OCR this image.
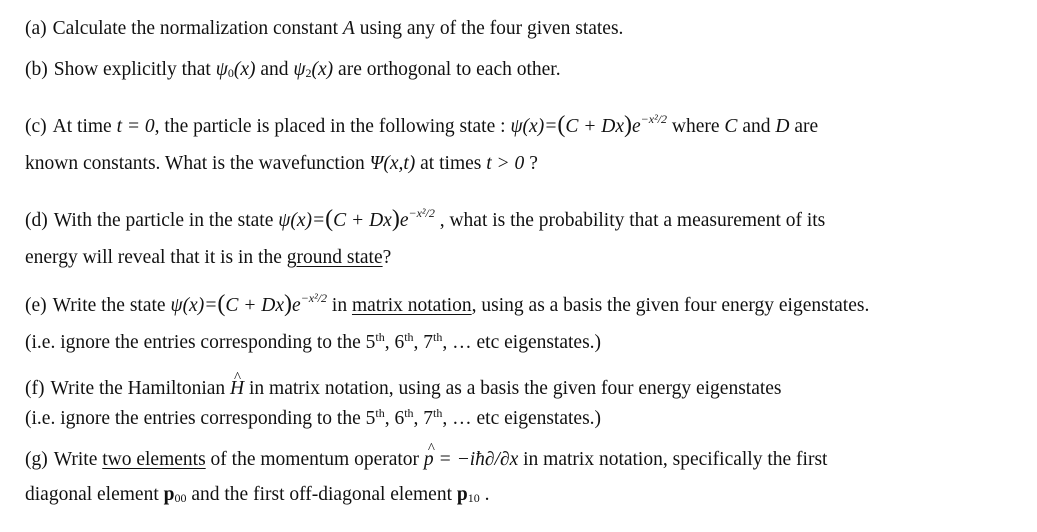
(a) Calculate the normalization constant A using any of the four given states.
(b) Show explicitly that $\psi_0(x)$ and $\psi_2(x)$ are orthogonal to each other.
(c) At time t = 0, the particle is placed in the following state : $\psi(x)=(C + Dx)e^{-x^2/2}$ where C and D are
known constants. What is the wavefunction Ψ(x,t) at times t > 0 ?
(d) With the particle in the state $\psi(x)=(C + Dx)e^{-x^2/2}$ , what is the probability that a measurement of its
energy will reveal that it is in the ground state?
(e) Write the state $\psi(x)=(C + Dx)e^{-x^2/2}$ in matrix notation, using as a basis the given four energy eigenstates.
(i.e. ignore the entries corresponding to the 5th, 6th, 7th, … etc eigenstates.)
(f) Write the Hamiltonian ^ H in matrix notation, using as a basis the given four energy eigenstates
(i.e. ignore the entries corresponding to the 5th, 6th, 7th, … etc eigenstates.)
(g) Write two elements of the momentum operator ^ p = −iħ∂/∂x in matrix notation, specifically the first
diagonal element $p_{00}$ and the first off-diagonal element $p_{10}$ .
